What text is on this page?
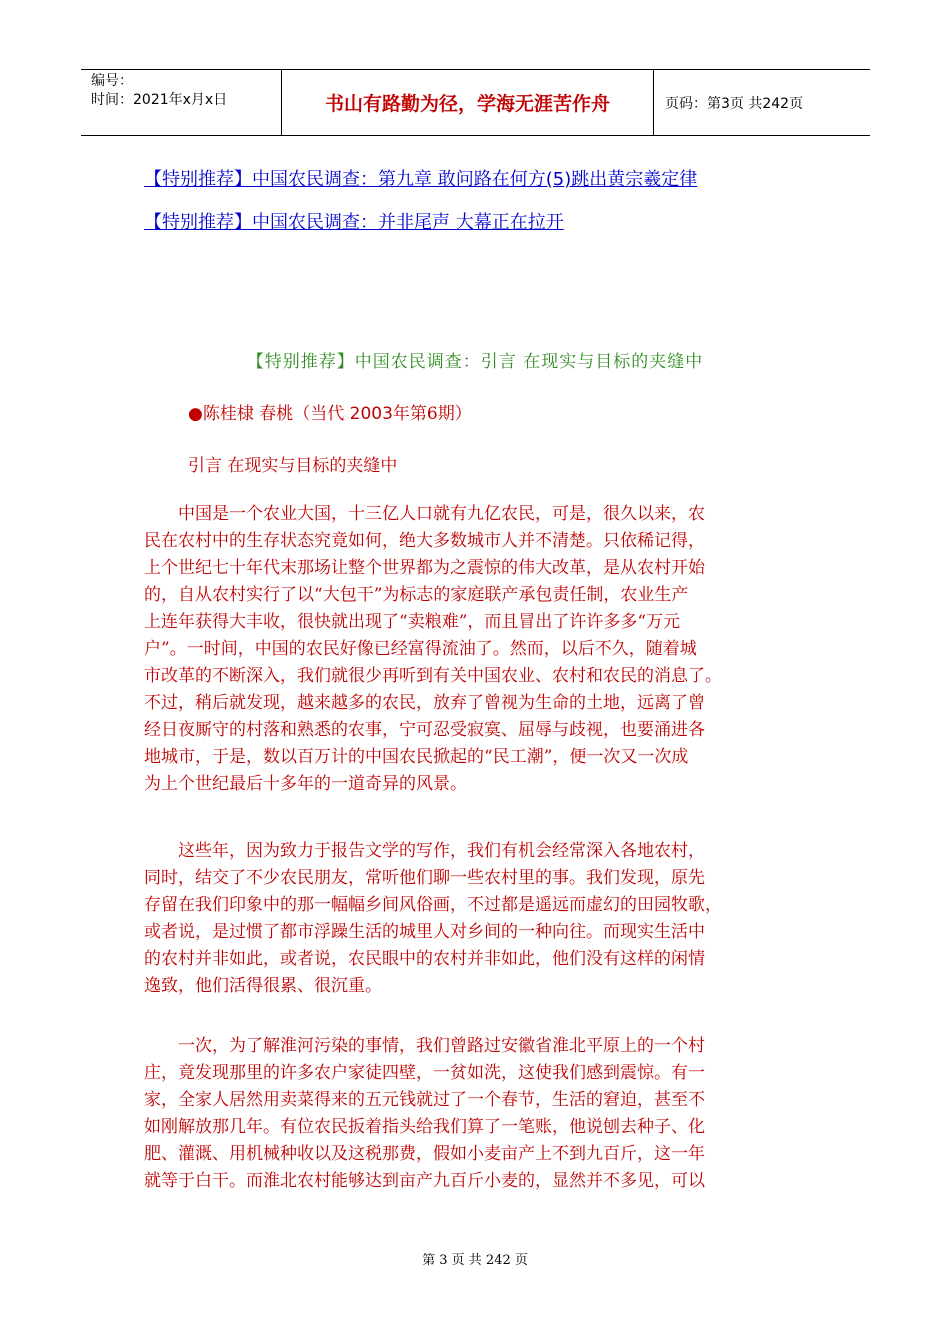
编号：
时间：2021年x月x日	书山有路勤为径，学海无涯苦作舟	页码：第3页 共242页
【特别推荐】中国农民调查：第九章 敢问路在何方(5)跳出黄宗羲定律
【特别推荐】中国农民调查：并非尾声 大幕正在拉开
【特别推荐】中国农民调查：引言 在现实与目标的夹缝中
●陈桂棣 春桃（当代 2003年第6期）
引言 在现实与目标的夹缝中
　　中国是一个农业大国，十三亿人口就有九亿农民，可是，很久以来，农
民在农村中的生存状态究竟如何，绝大多数城市人并不清楚。只依稀记得，
上个世纪七十年代末那场让整个世界都为之震惊的伟大改革，是从农村开始
的，自从农村实行了以“大包干”为标志的家庭联产承包责任制，农业生产
上连年获得大丰收，很快就出现了“卖粮难”，而且冒出了许许多多“万元
户”。一时间，中国的农民好像已经富得流油了。然而，以后不久，随着城
市改革的不断深入，我们就很少再听到有关中国农业、农村和农民的消息了。
不过，稍后就发现，越来越多的农民，放弃了曾视为生命的土地，远离了曾
经日夜厮守的村落和熟悉的农事，宁可忍受寂寞、屈辱与歧视，也要涌进各
地城市，于是，数以百万计的中国农民掀起的“民工潮”，便一次又一次成
为上个世纪最后十多年的一道奇异的风景。
　　这些年，因为致力于报告文学的写作，我们有机会经常深入各地农村，
同时，结交了不少农民朋友，常听他们聊一些农村里的事。我们发现，原先
存留在我们印象中的那一幅幅乡间风俗画，不过都是遥远而虚幻的田园牧歌，
或者说，是过惯了都市浮躁生活的城里人对乡间的一种向往。而现实生活中
的农村并非如此，或者说，农民眼中的农村并非如此，他们没有这样的闲情
逸致，他们活得很累、很沉重。
　　一次，为了解淮河污染的事情，我们曾路过安徽省淮北平原上的一个村
庄，竟发现那里的许多农户家徒四壁，一贫如洗，这使我们感到震惊。有一
家，全家人居然用卖菜得来的五元钱就过了一个春节，生活的窘迫，甚至不
如刚解放那几年。有位农民扳着指头给我们算了一笔账，他说刨去种子、化
肥、灌溉、用机械种收以及这税那费，假如小麦亩产上不到九百斤，这一年
就等于白干。而淮北农村能够达到亩产九百斤小麦的，显然并不多见，可以
第 3 页 共 242 页
